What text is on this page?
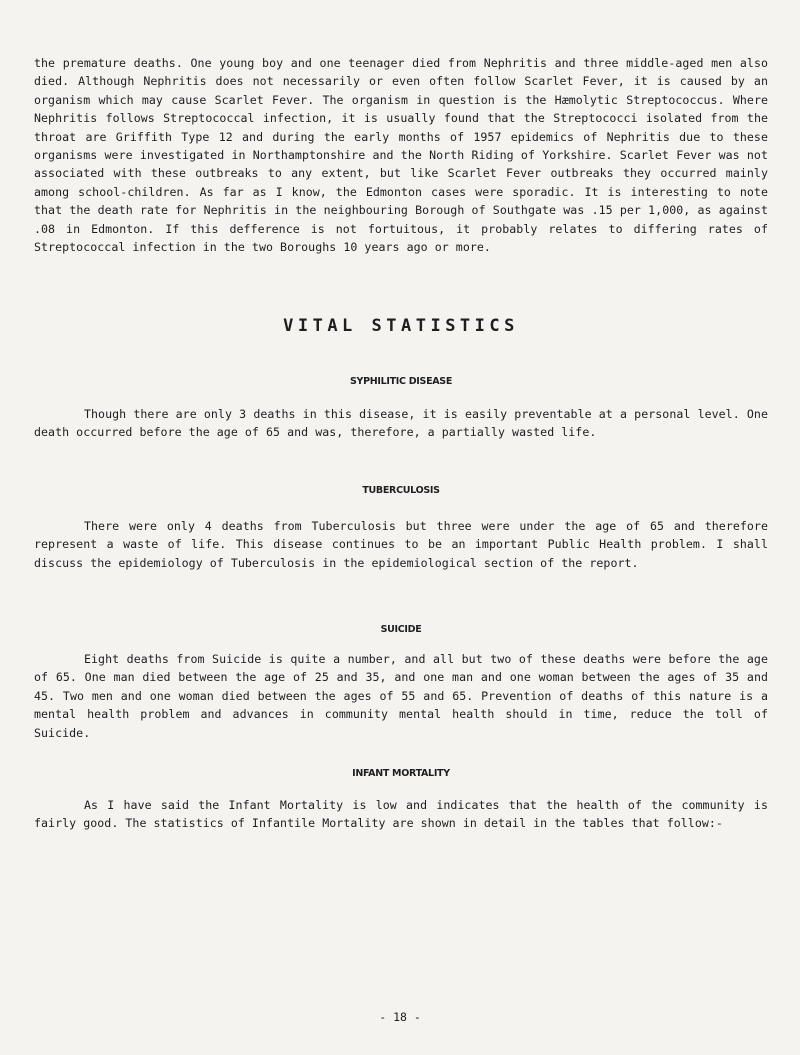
the premature deaths. One young boy and one teenager died from Nephritis and three middle-aged men also died. Although Nephritis does not necessarily or even often follow Scarlet Fever, it is caused by an organism which may cause Scarlet Fever. The organism in question is the Hæmolytic Streptococcus. Where Nephritis follows Streptococcal infection, it is usually found that the Streptococci isolated from the throat are Griffith Type 12 and during the early months of 1957 epidemics of Nephritis due to these organisms were investigated in Northamptonshire and the North Riding of Yorkshire. Scarlet Fever was not associated with these outbreaks to any extent, but like Scarlet Fever outbreaks they occurred mainly among school-children. As far as I know, the Edmonton cases were sporadic. It is interesting to note that the death rate for Nephritis in the neighbouring Borough of Southgate was .15 per 1,000, as against .08 in Edmonton. If this defference is not fortuitous, it probably relates to differing rates of Streptococcal infection in the two Boroughs 10 years ago or more.

VITAL STATISTICS
SYPHILITIC DISEASE

Though there are only 3 deaths in this disease, it is easily preventable at a personal level. One death occurred before the age of 65 and was, therefore, a partially wasted life.

TUBERCULOSIS

There were only 4 deaths from Tuberculosis but three were under the age of 65 and therefore represent a waste of life. This disease continues to be an important Public Health problem. I shall discuss the epidemiology of Tuberculosis in the epidemiological section of the report.

SUICIDE

Eight deaths from Suicide is quite a number, and all but two of these deaths were before the age of 65. One man died between the age of 25 and 35, and one man and one woman between the ages of 35 and 45. Two men and one woman died between the ages of 55 and 65. Prevention of deaths of this nature is a mental health problem and advances in community mental health should in time, reduce the toll of Suicide.

INFANT MORTALITY

As I have said the Infant Mortality is low and indicates that the health of the community is fairly good. The statistics of Infantile Mortality are shown in detail in the tables that follow:-

- 18 -
